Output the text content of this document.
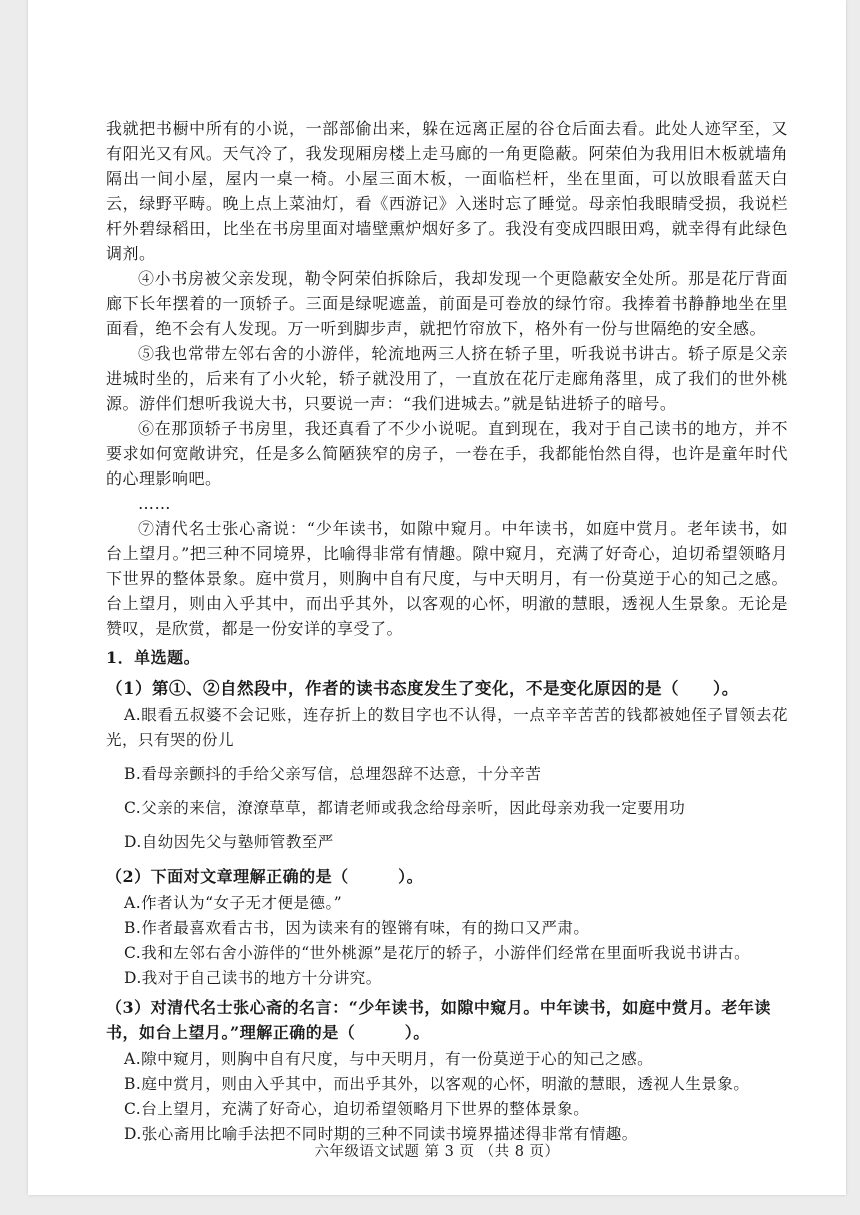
我就把书橱中所有的小说，一部部偷出来，躲在远离正屋的谷仓后面去看。此处人迹罕至，又有阳光又有风。天气冷了，我发现厢房楼上走马廊的一角更隐蔽。阿荣伯为我用旧木板就墙角隔出一间小屋，屋内一桌一椅。小屋三面木板，一面临栏杆，坐在里面，可以放眼看蓝天白云，绿野平畴。晚上点上菜油灯，看《西游记》入迷时忘了睡觉。母亲怕我眼睛受损，我说栏杆外碧绿稻田，比坐在书房里面对墙壁熏炉烟好多了。我没有变成四眼田鸡，就幸得有此绿色调剂。

④小书房被父亲发现，勒令阿荣伯拆除后，我却发现一个更隐蔽安全处所。那是花厅背面廊下长年摆着的一顶轿子。三面是绿呢遮盖，前面是可卷放的绿竹帘。我捧着书静静地坐在里面看，绝不会有人发现。万一听到脚步声，就把竹帘放下，格外有一份与世隔绝的安全感。

⑤我也常带左邻右舍的小游伴，轮流地两三人挤在轿子里，听我说书讲古。轿子原是父亲进城时坐的，后来有了小火轮，轿子就没用了，一直放在花厅走廊角落里，成了我们的世外桃源。游伴们想听我说大书，只要说一声：“我们进城去。”就是钻进轿子的暗号。

⑥在那顶轿子书房里，我还真看了不少小说呢。直到现在，我对于自己读书的地方，并不要求如何宽敞讲究，任是多么简陋狭窄的房子，一卷在手，我都能怡然自得，也许是童年时代的心理影响吧。

……

⑦清代名士张心斋说：“少年读书，如隙中窥月。中年读书，如庭中赏月。老年读书，如台上望月。”把三种不同境界，比喻得非常有情趣。隙中窥月，充满了好奇心，迫切希望领略月下世界的整体景象。庭中赏月，则胸中自有尺度，与中天明月，有一份莫逆于心的知己之感。台上望月，则由入乎其中，而出乎其外，以客观的心怀，明澈的慧眼，透视人生景象。无论是赞叹，是欣赏，都是一份安详的享受了。

1．单选题。

（1）第①、②自然段中，作者的读书态度发生了变化，不是变化原因的是（　　）。

A.眼看五叔婆不会记账，连存折上的数目字也不认得，一点辛辛苦苦的钱都被她侄子冒领去花光，只有哭的份儿

B.看母亲颤抖的手给父亲写信，总埋怨辞不达意，十分辛苦

C.父亲的来信，潦潦草草，都请老师或我念给母亲听，因此母亲劝我一定要用功

D.自幼因先父与塾师管教至严

（2）下面对文章理解正确的是（　　　）。

A.作者认为“女子无才便是德。”

B.作者最喜欢看古书，因为读来有的铿锵有味，有的拗口又严肃。

C.我和左邻右舍小游伴的“世外桃源”是花厅的轿子，小游伴们经常在里面听我说书讲古。

D.我对于自己读书的地方十分讲究。

（3）对清代名士张心斋的名言：“少年读书，如隙中窥月。中年读书，如庭中赏月。老年读书，如台上望月。”理解正确的是（　　　）。

A.隙中窥月，则胸中自有尺度，与中天明月，有一份莫逆于心的知己之感。

B.庭中赏月，则由入乎其中，而出乎其外，以客观的心怀，明澈的慧眼，透视人生景象。

C.台上望月，充满了好奇心，迫切希望领略月下世界的整体景象。

D.张心斋用比喻手法把不同时期的三种不同读书境界描述得非常有情趣。

六年级语文试题 第 3 页 （共 8 页）
